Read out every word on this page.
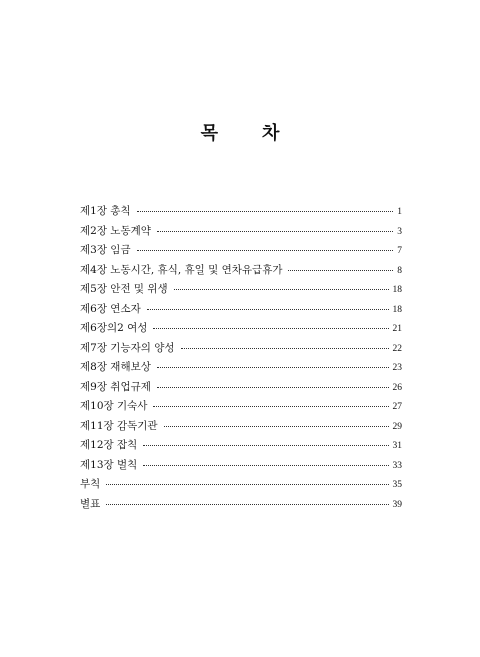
목차
제1장 총칙	1
제2장 노동계약	3
제3장 임금	7
제4장 노동시간, 휴식, 휴일 및 연차유급휴가	8
제5장 안전 및 위생	18
제6장 연소자	18
제6장의2 여성	21
제7장 기능자의 양성	22
제8장 재해보상	23
제9장 취업규제	26
제10장 기숙사	27
제11장 감독기관	29
제12장 잡칙	31
제13장 벌칙	33
부칙	35
별표	39
